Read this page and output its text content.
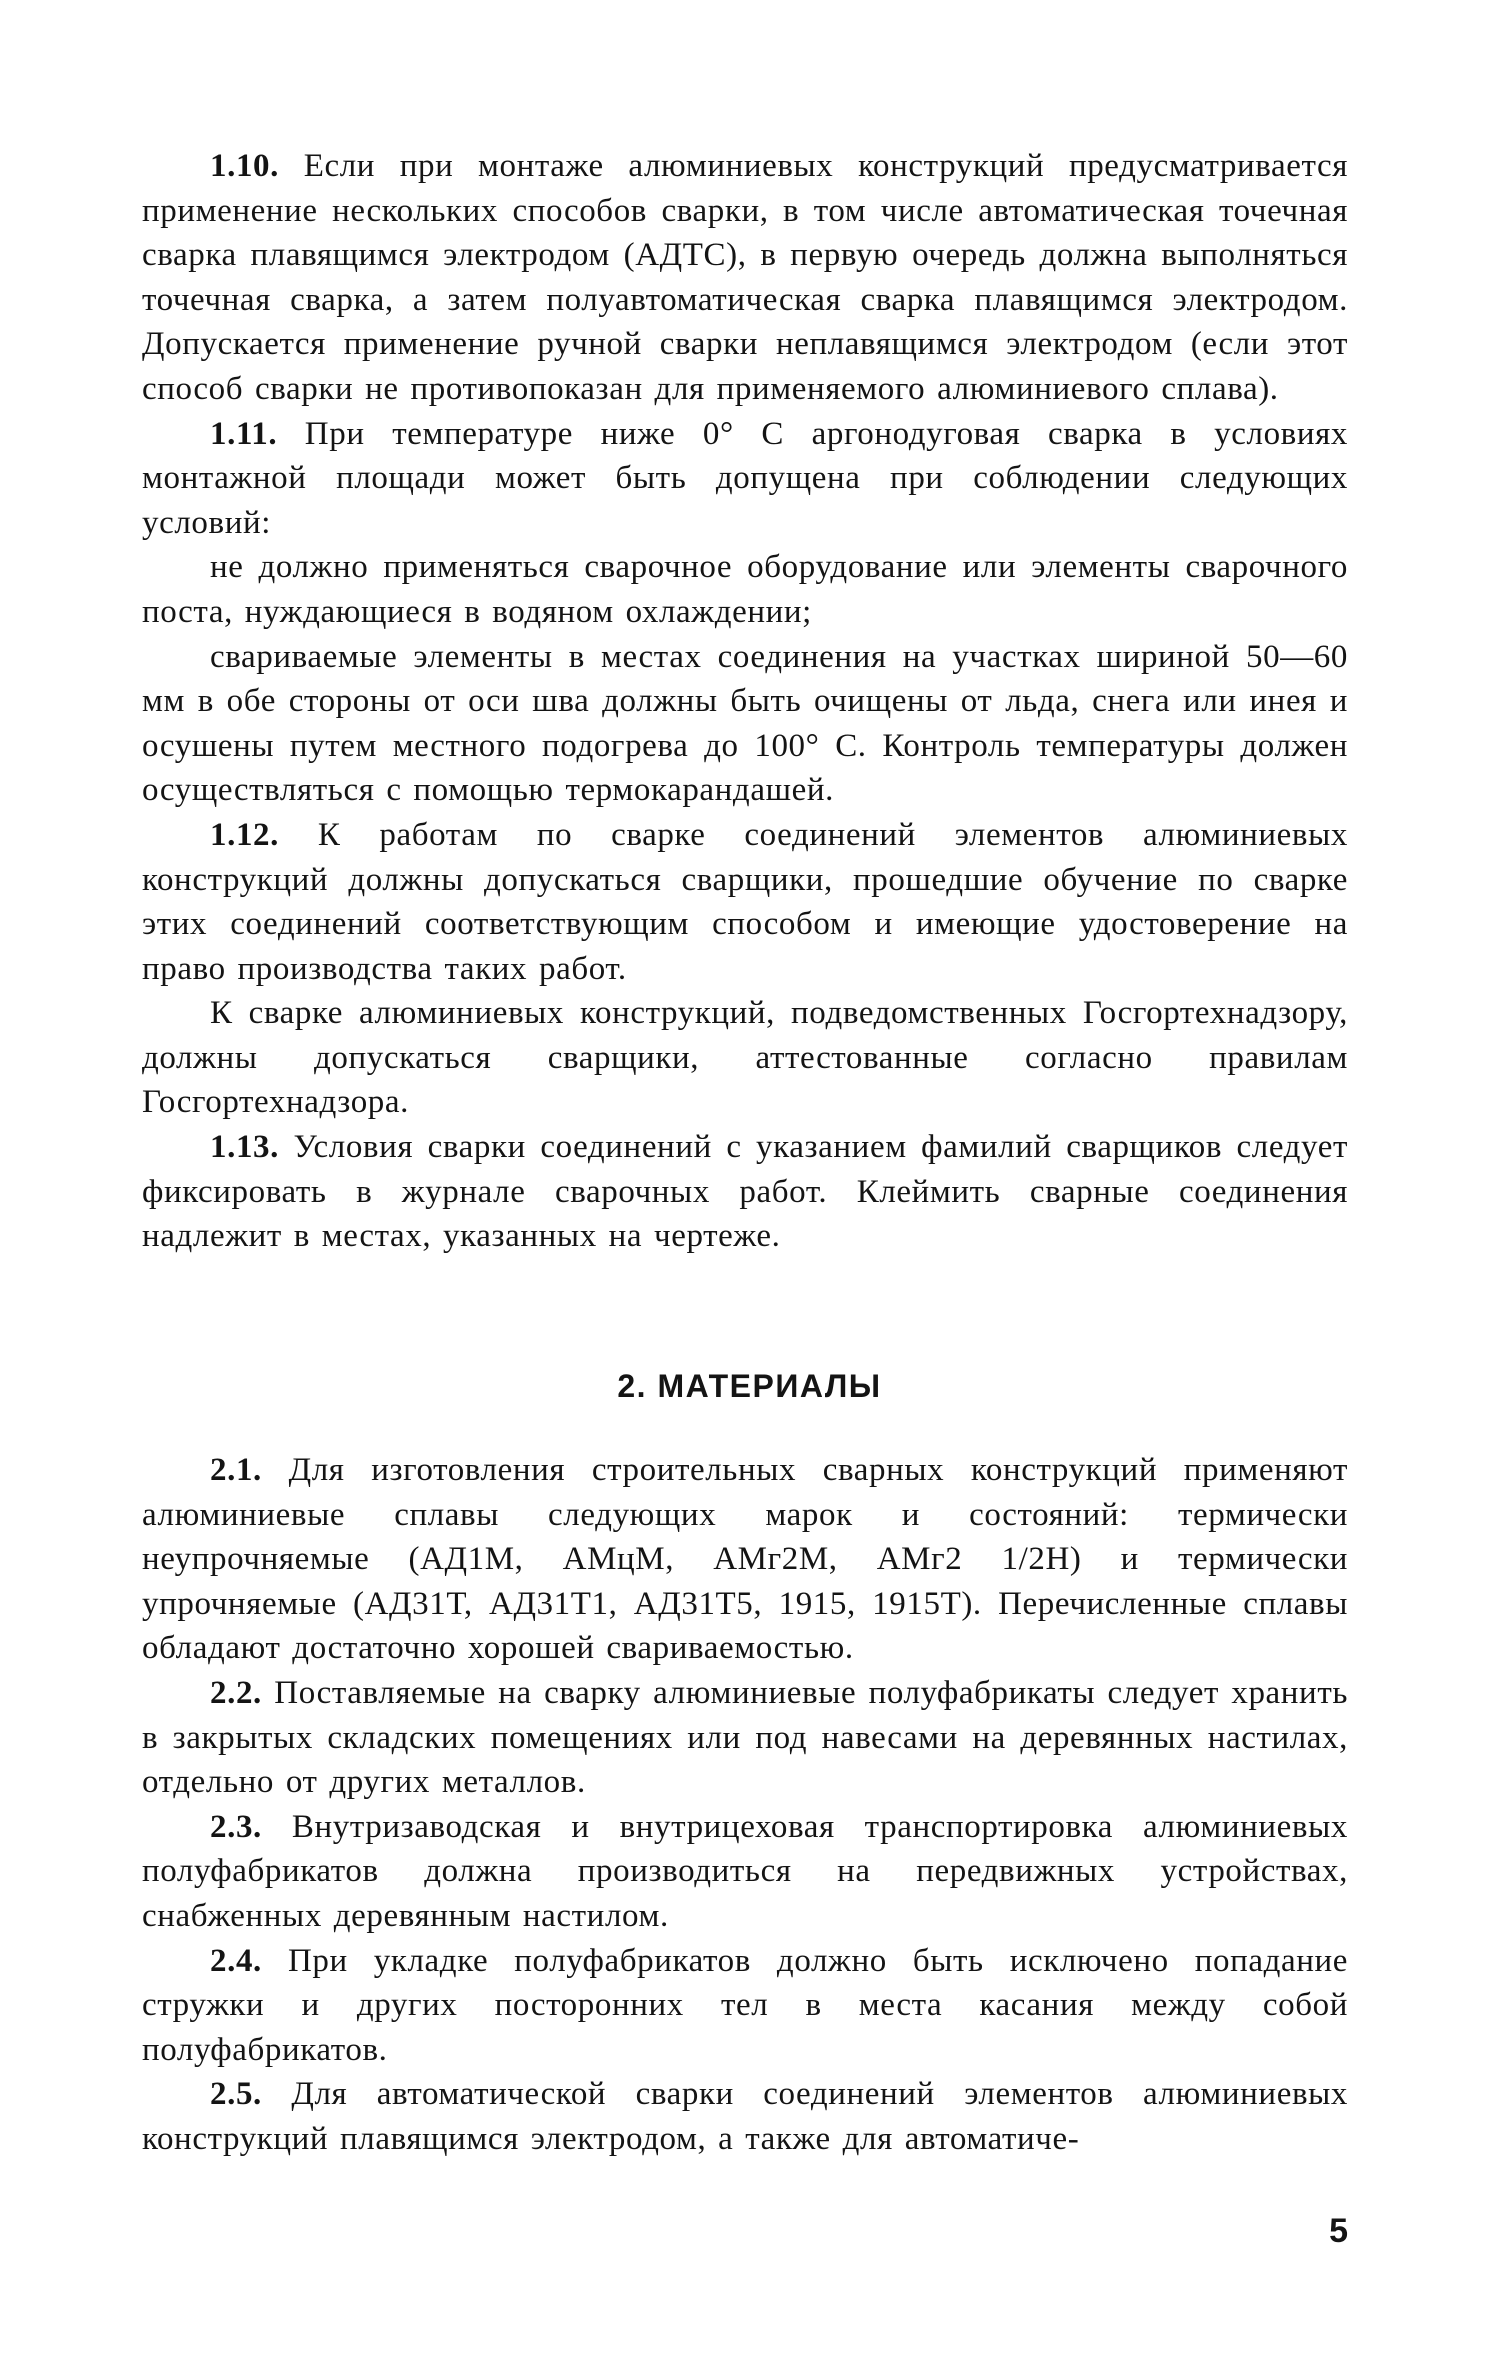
1.10. Если при монтаже алюминиевых конструкций предусматривается применение нескольких способов сварки, в том числе автоматическая точечная сварка плавящимся электродом (АДТС), в первую очередь должна выполняться точечная сварка, а затем полуавтоматическая сварка плавящимся электродом. Допускается применение ручной сварки неплавящимся электродом (если этот способ сварки не противопоказан для применяемого алюминиевого сплава).

1.11. При температуре ниже 0° С аргонодуговая сварка в условиях монтажной площади может быть допущена при соблюдении следующих условий:

не должно применяться сварочное оборудование или элементы сварочного поста, нуждающиеся в водяном охлаждении;

свариваемые элементы в местах соединения на участках шириной 50—60 мм в обе стороны от оси шва должны быть очищены от льда, снега или инея и осушены путем местного подогрева до 100° С. Контроль температуры должен осуществляться с помощью термокарандашей.

1.12. К работам по сварке соединений элементов алюминиевых конструкций должны допускаться сварщики, прошедшие обучение по сварке этих соединений соответствующим способом и имеющие удостоверение на право производства таких работ.

К сварке алюминиевых конструкций, подведомственных Госгортехнадзору, должны допускаться сварщики, аттестованные согласно правилам Госгортехнадзора.

1.13. Условия сварки соединений с указанием фамилий сварщиков следует фиксировать в журнале сварочных работ. Клеймить сварные соединения надлежит в местах, указанных на чертеже.

2. МАТЕРИАЛЫ

2.1. Для изготовления строительных сварных конструкций применяют алюминиевые сплавы следующих марок и состояний: термически неупрочняемые (АД1М, АМцМ, АМг2М, АМг2 1/2Н) и термически упрочняемые (АД31Т, АД31Т1, АД31Т5, 1915, 1915Т). Перечисленные сплавы обладают достаточно хорошей свариваемостью.

2.2. Поставляемые на сварку алюминиевые полуфабрикаты следует хранить в закрытых складских помещениях или под навесами на деревянных настилах, отдельно от других металлов.

2.3. Внутризаводская и внутрицеховая транспортировка алюминиевых полуфабрикатов должна производиться на передвижных устройствах, снабженных деревянным настилом.

2.4. При укладке полуфабрикатов должно быть исключено попадание стружки и других посторонних тел в места касания между собой полуфабрикатов.

2.5. Для автоматической сварки соединений элементов алюминиевых конструкций плавящимся электродом, а также для автоматиче-

5
